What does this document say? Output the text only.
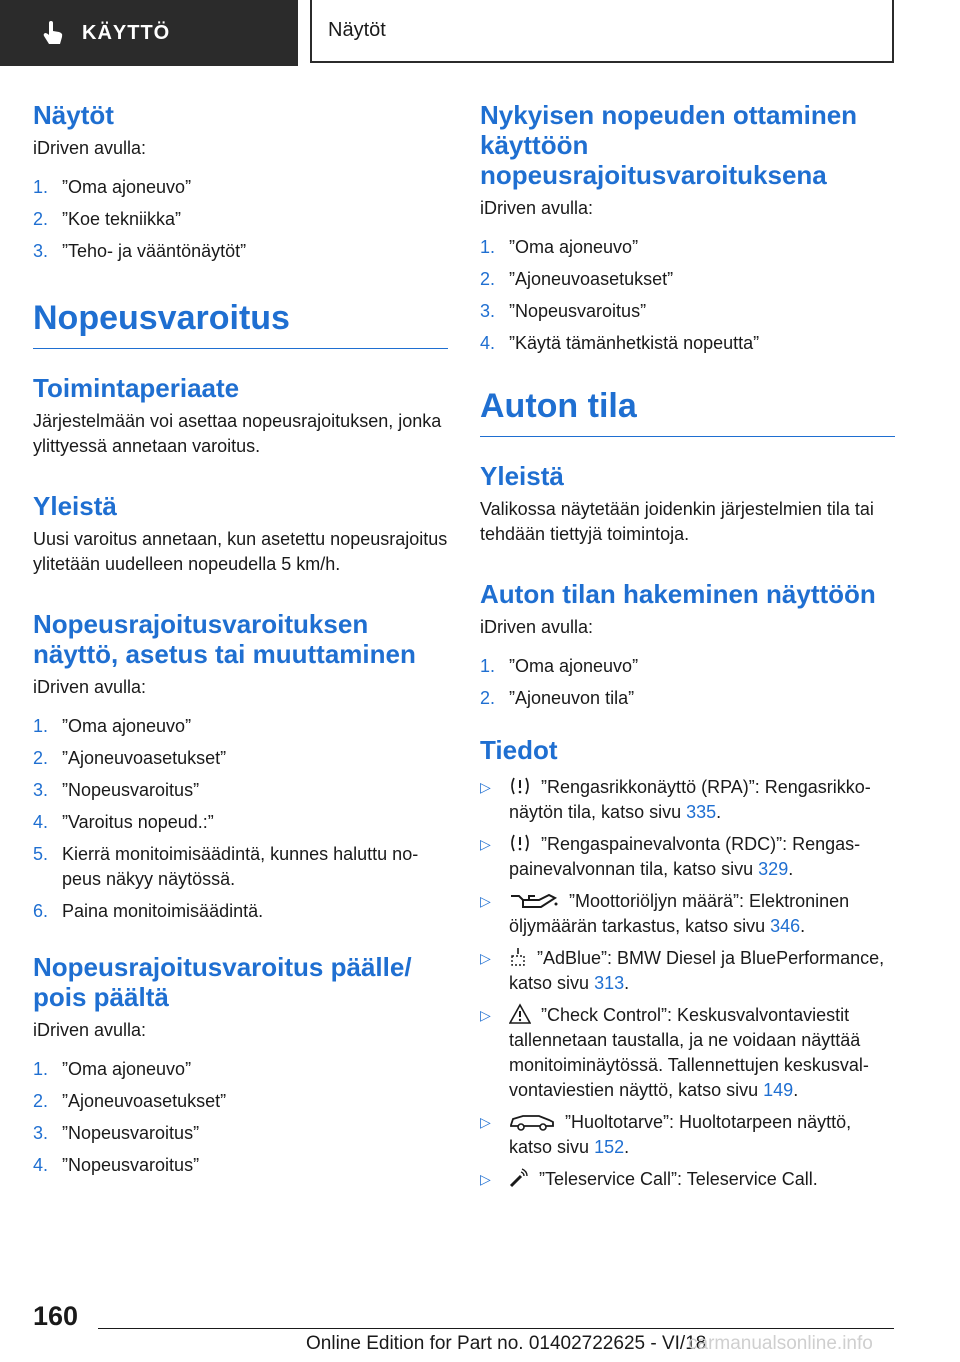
KÄYTTÖ	Näytöt
Näytöt

iDriven avulla:

1. ”Oma ajoneuvo”
2. ”Koe tekniikka”
3. ”Teho- ja vääntönäytöt”
Nopeusvaroitus
Toimintaperiaate

Järjestelmään voi asettaa nopeusrajoituksen, jonka ylittyessä annetaan varoitus.

Yleistä

Uusi varoitus annetaan, kun asetettu nopeusrajoitus ylitetään uudelleen nopeudella 5 km/h.

Nopeusrajoitusvaroituksen näyttö, asetus tai muuttaminen

iDriven avulla:

1. ”Oma ajoneuvo”
2. ”Ajoneuvoasetukset”
3. ”Nopeusvaroitus”
4. ”Varoitus nopeud.:”
5. Kierrä monitoimisäädintä, kunnes haluttu nopeus näkyy näytössä.
6. Paina monitoimisäädintä.
Nopeusrajoitusvaroitus päälle/ pois päältä

iDriven avulla:

1. ”Oma ajoneuvo”
2. ”Ajoneuvoasetukset”
3. ”Nopeusvaroitus”
4. ”Nopeusvaroitus”
Nykyisen nopeuden ottaminen käyttöön nopeusrajoitusvaroituksena

iDriven avulla:

1. ”Oma ajoneuvo”
2. ”Ajoneuvoasetukset”
3. ”Nopeusvaroitus”
4. ”Käytä tämänhetkistä nopeutta”
Auton tila
Yleistä

Valikossa näytetään joidenkin järjestelmien tila tai tehdään tiettyjä toimintoja.

Auton tilan hakeminen näyttöön

iDriven avulla:

1. ”Oma ajoneuvo”
2. ”Ajoneuvon tila”
Tiedot
▷	”Rengasrikkonäyttö (RPA)”: Rengasrikkonäytön tila, katso sivu 335.
▷	”Rengaspainevalvonta (RDC)”: Rengaspainevalvonnan tila, katso sivu 329.
▷	”Moottoriöljyn määrä”: Elektroninen öljymäärän tarkastus, katso sivu 346.
▷	”AdBlue”: BMW Diesel ja BluePerformance, katso sivu 313.
▷	”Check Control”: Keskusvalvontaviestit tallennetaan taustalla, ja ne voidaan näyttää monitoiminäytössä. Tallennettujen keskusvalvontaviestien näyttö, katso sivu 149.
▷	”Huoltotarve”: Huoltotarpeen näyttö, katso sivu 152.
▷	”Teleservice Call”: Teleservice Call.
160
Online Edition for Part no. 01402722625 - VI/18
carmanualsonline.info
